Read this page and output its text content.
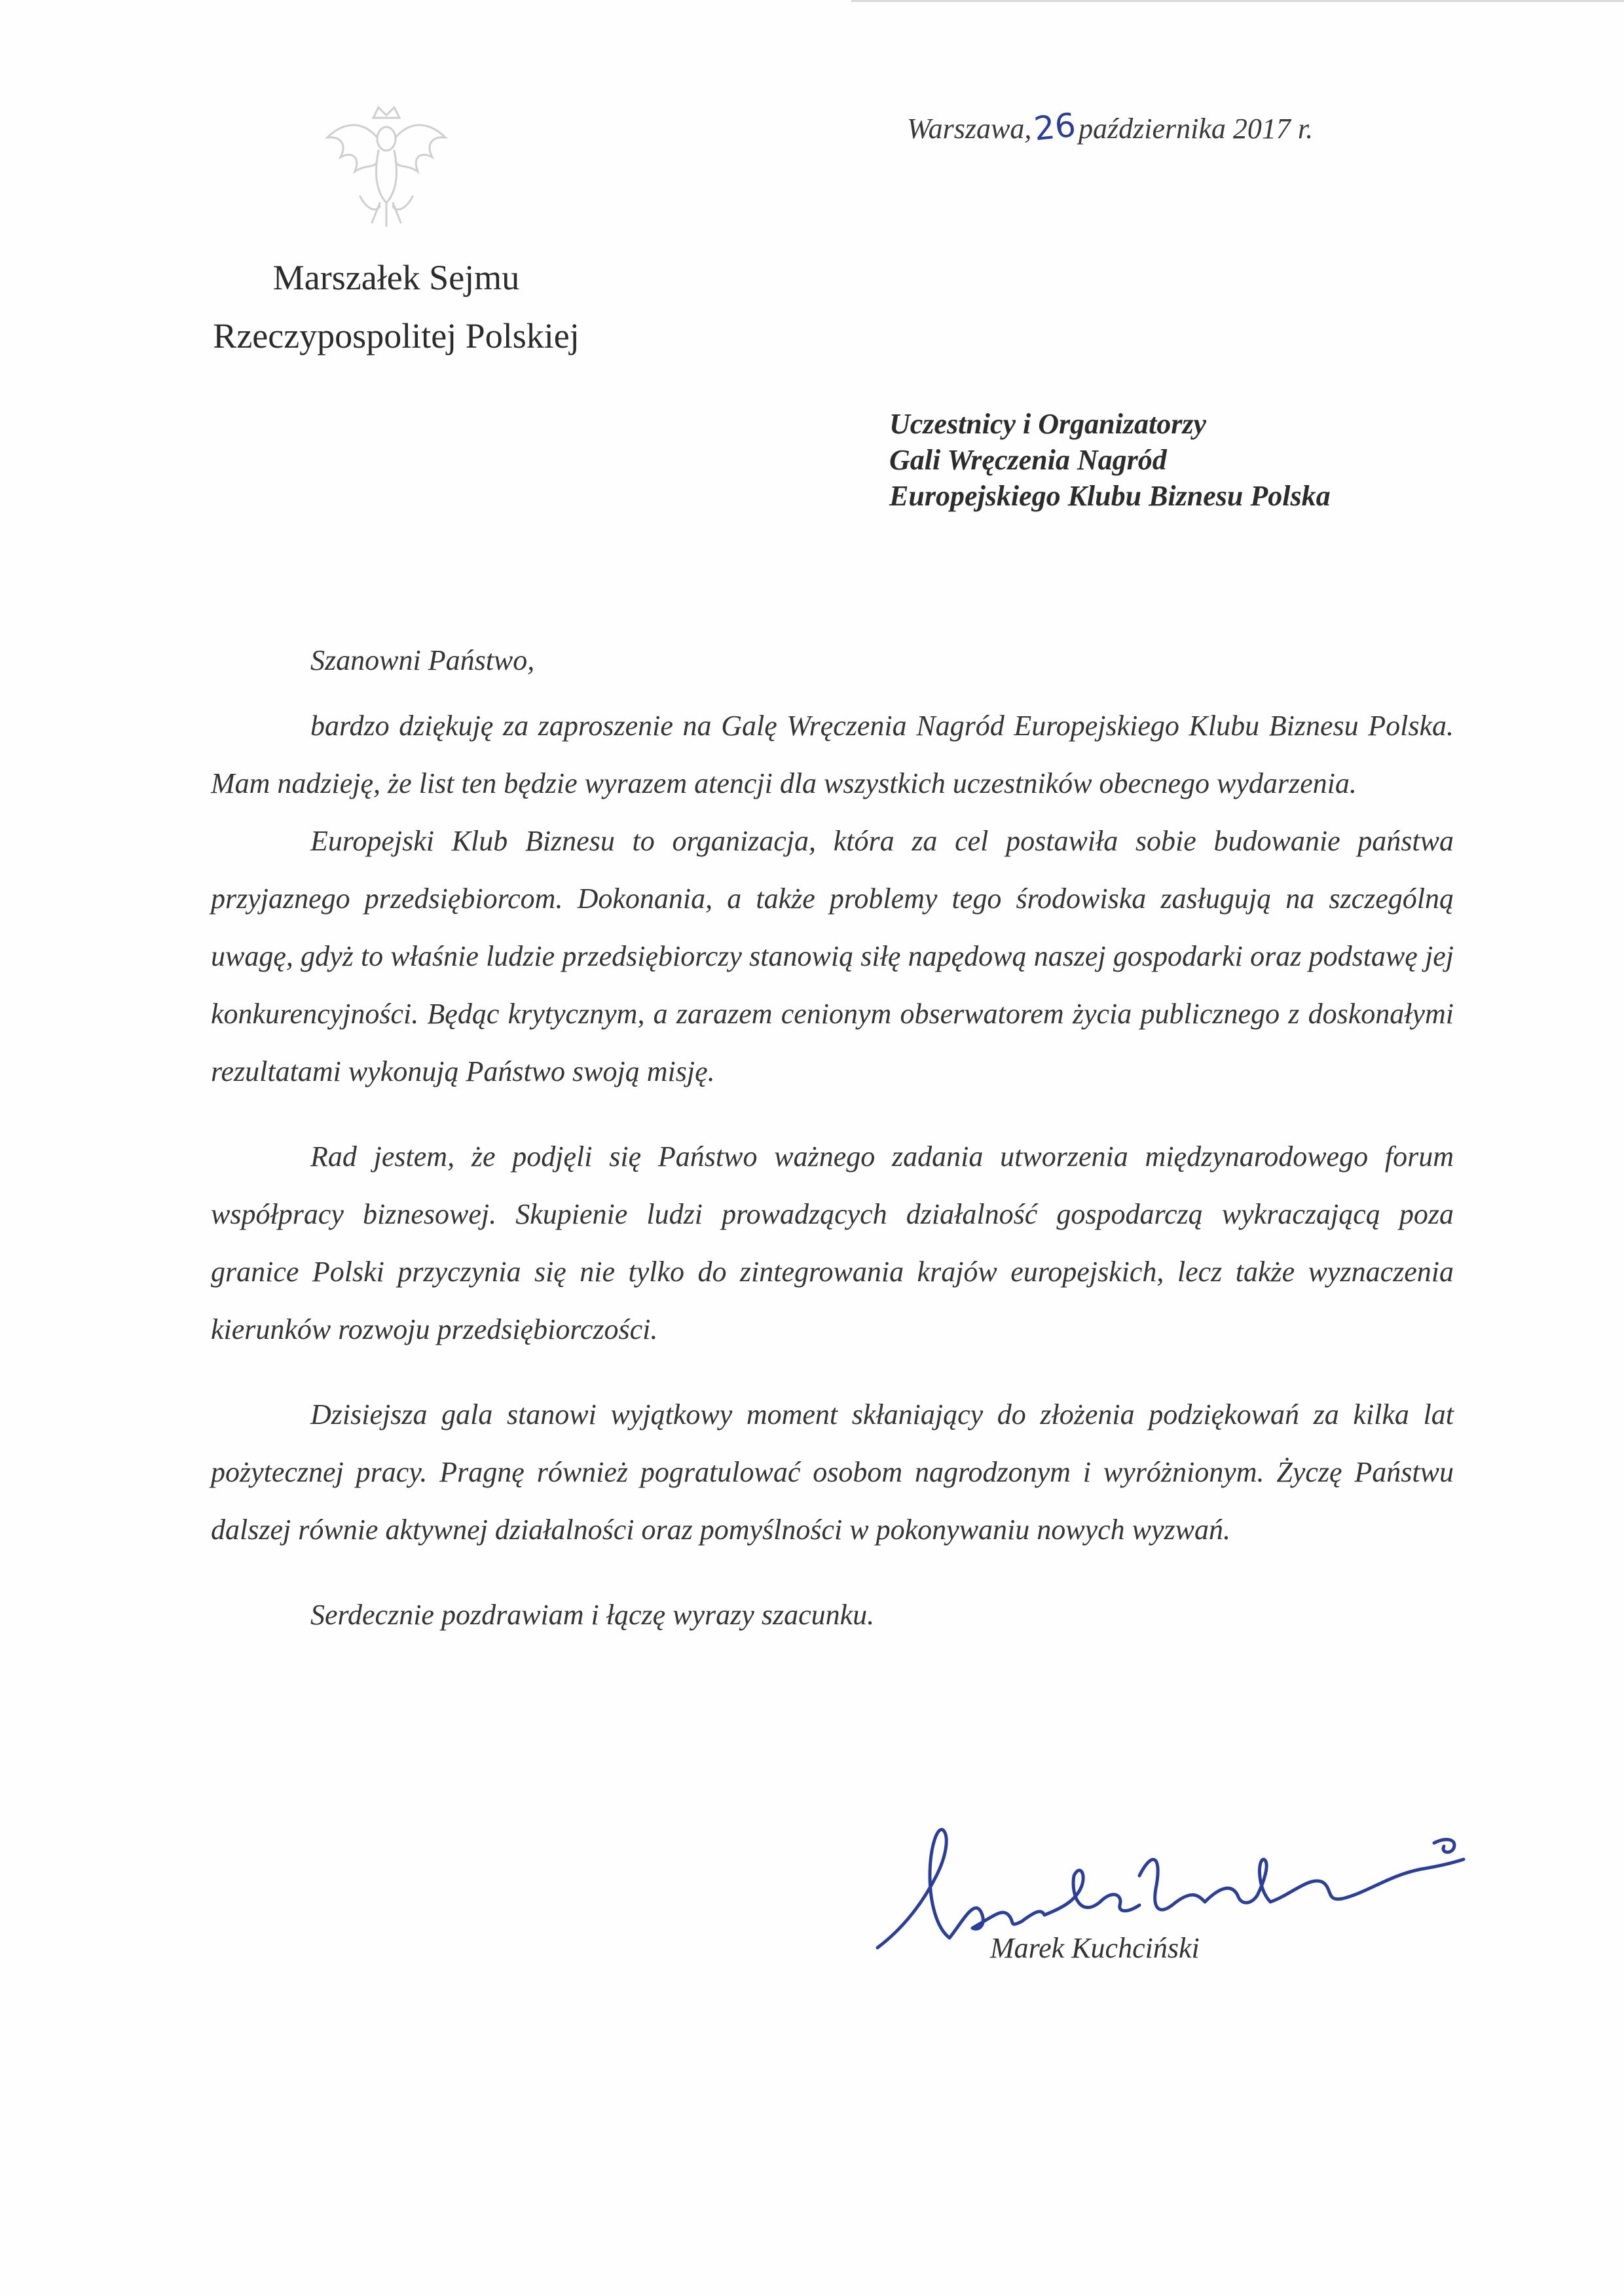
Warszawa,26października 2017 r.
Marszałek Sejmu
Rzeczypospolitej Polskiej
Uczestnicy i Organizatorzy
Gali Wręczenia Nagród
Europejskiego Klubu Biznesu Polska
Szanowni Państwo,

bardzo dziękuję za zaproszenie na Galę Wręczenia Nagród Europejskiego Klubu Biznesu Polska. Mam nadzieję, że list ten będzie wyrazem atencji dla wszystkich uczestników obecnego wydarzenia.

Europejski Klub Biznesu to organizacja, która za cel postawiła sobie budowanie państwa przyjaznego przedsiębiorcom. Dokonania, a także problemy tego środowiska zasługują na szczególną uwagę, gdyż to właśnie ludzie przedsiębiorczy stanowią siłę napędową naszej gospodarki oraz podstawę jej konkurencyjności. Będąc krytycznym, a zarazem cenionym obserwatorem życia publicznego z doskonałymi rezultatami wykonują Państwo swoją misję.

Rad jestem, że podjęli się Państwo ważnego zadania utworzenia międzynarodowego forum współpracy biznesowej. Skupienie ludzi prowadzących działalność gospodarczą wykraczającą poza granice Polski przyczynia się nie tylko do zintegrowania krajów europejskich, lecz także wyznaczenia kierunków rozwoju przedsiębiorczości.

Dzisiejsza gala stanowi wyjątkowy moment skłaniający do złożenia podziękowań za kilka lat pożytecznej pracy. Pragnę również pogratulować osobom nagrodzonym i wyróżnionym. Życzę Państwu dalszej równie aktywnej działalności oraz pomyślności w pokonywaniu nowych wyzwań.

Serdecznie pozdrawiam i łączę wyrazy szacunku.
Marek Kuchciński
